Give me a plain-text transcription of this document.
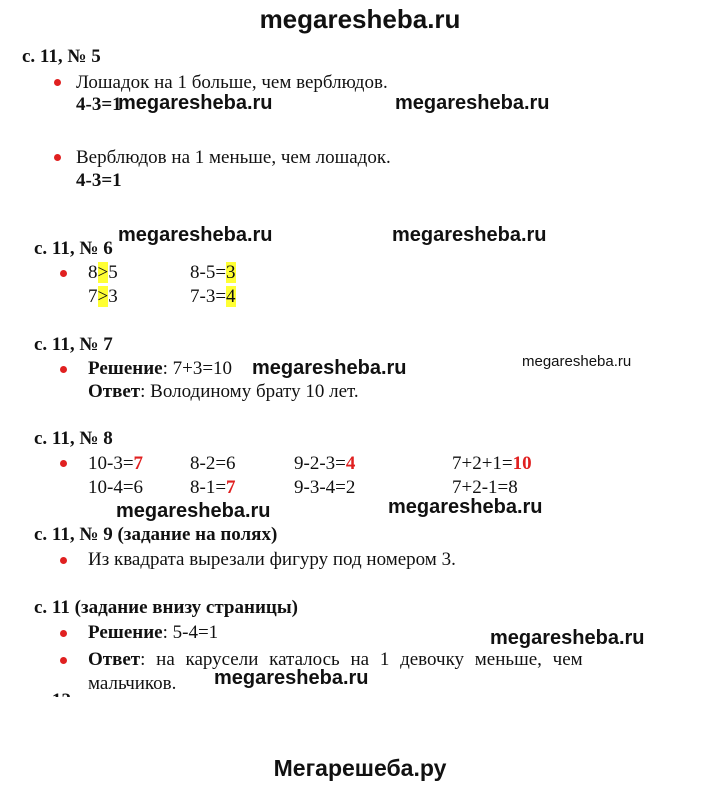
megaresheba.ru
с. 11, № 5
Лошадок на 1 больше, чем верблюдов.
4-3=1
megaresheba.ru	megaresheba.ru
Верблюдов на 1 меньше, чем лошадок.
4-3=1
megaresheba.ru	megaresheba.ru
с. 11, № 6
8>5	8-5=3
7>3	7-3=4
с. 11, № 7
Решение: 7+3=10 megaresheba.ru	megaresheba.ru
Ответ: Володиному брату 10 лет.
с. 11, № 8
10-3=7 8-2=6	9-2-3=4	7+2+1=10
10-4=6 8-1=7	9-3-4=2	7+2-1=8
megaresheba.ru	megaresheba.ru
с. 11, № 9 (задание на полях)
Из квадрата вырезали фигуру под номером 3.
с. 11 (задание внизу страницы)
Решение: 5-4=1	megaresheba.ru
Ответ: на карусели каталось на 1 девочку меньше, чем
мальчиков. megaresheba.ru
Мегарешеба.ру
